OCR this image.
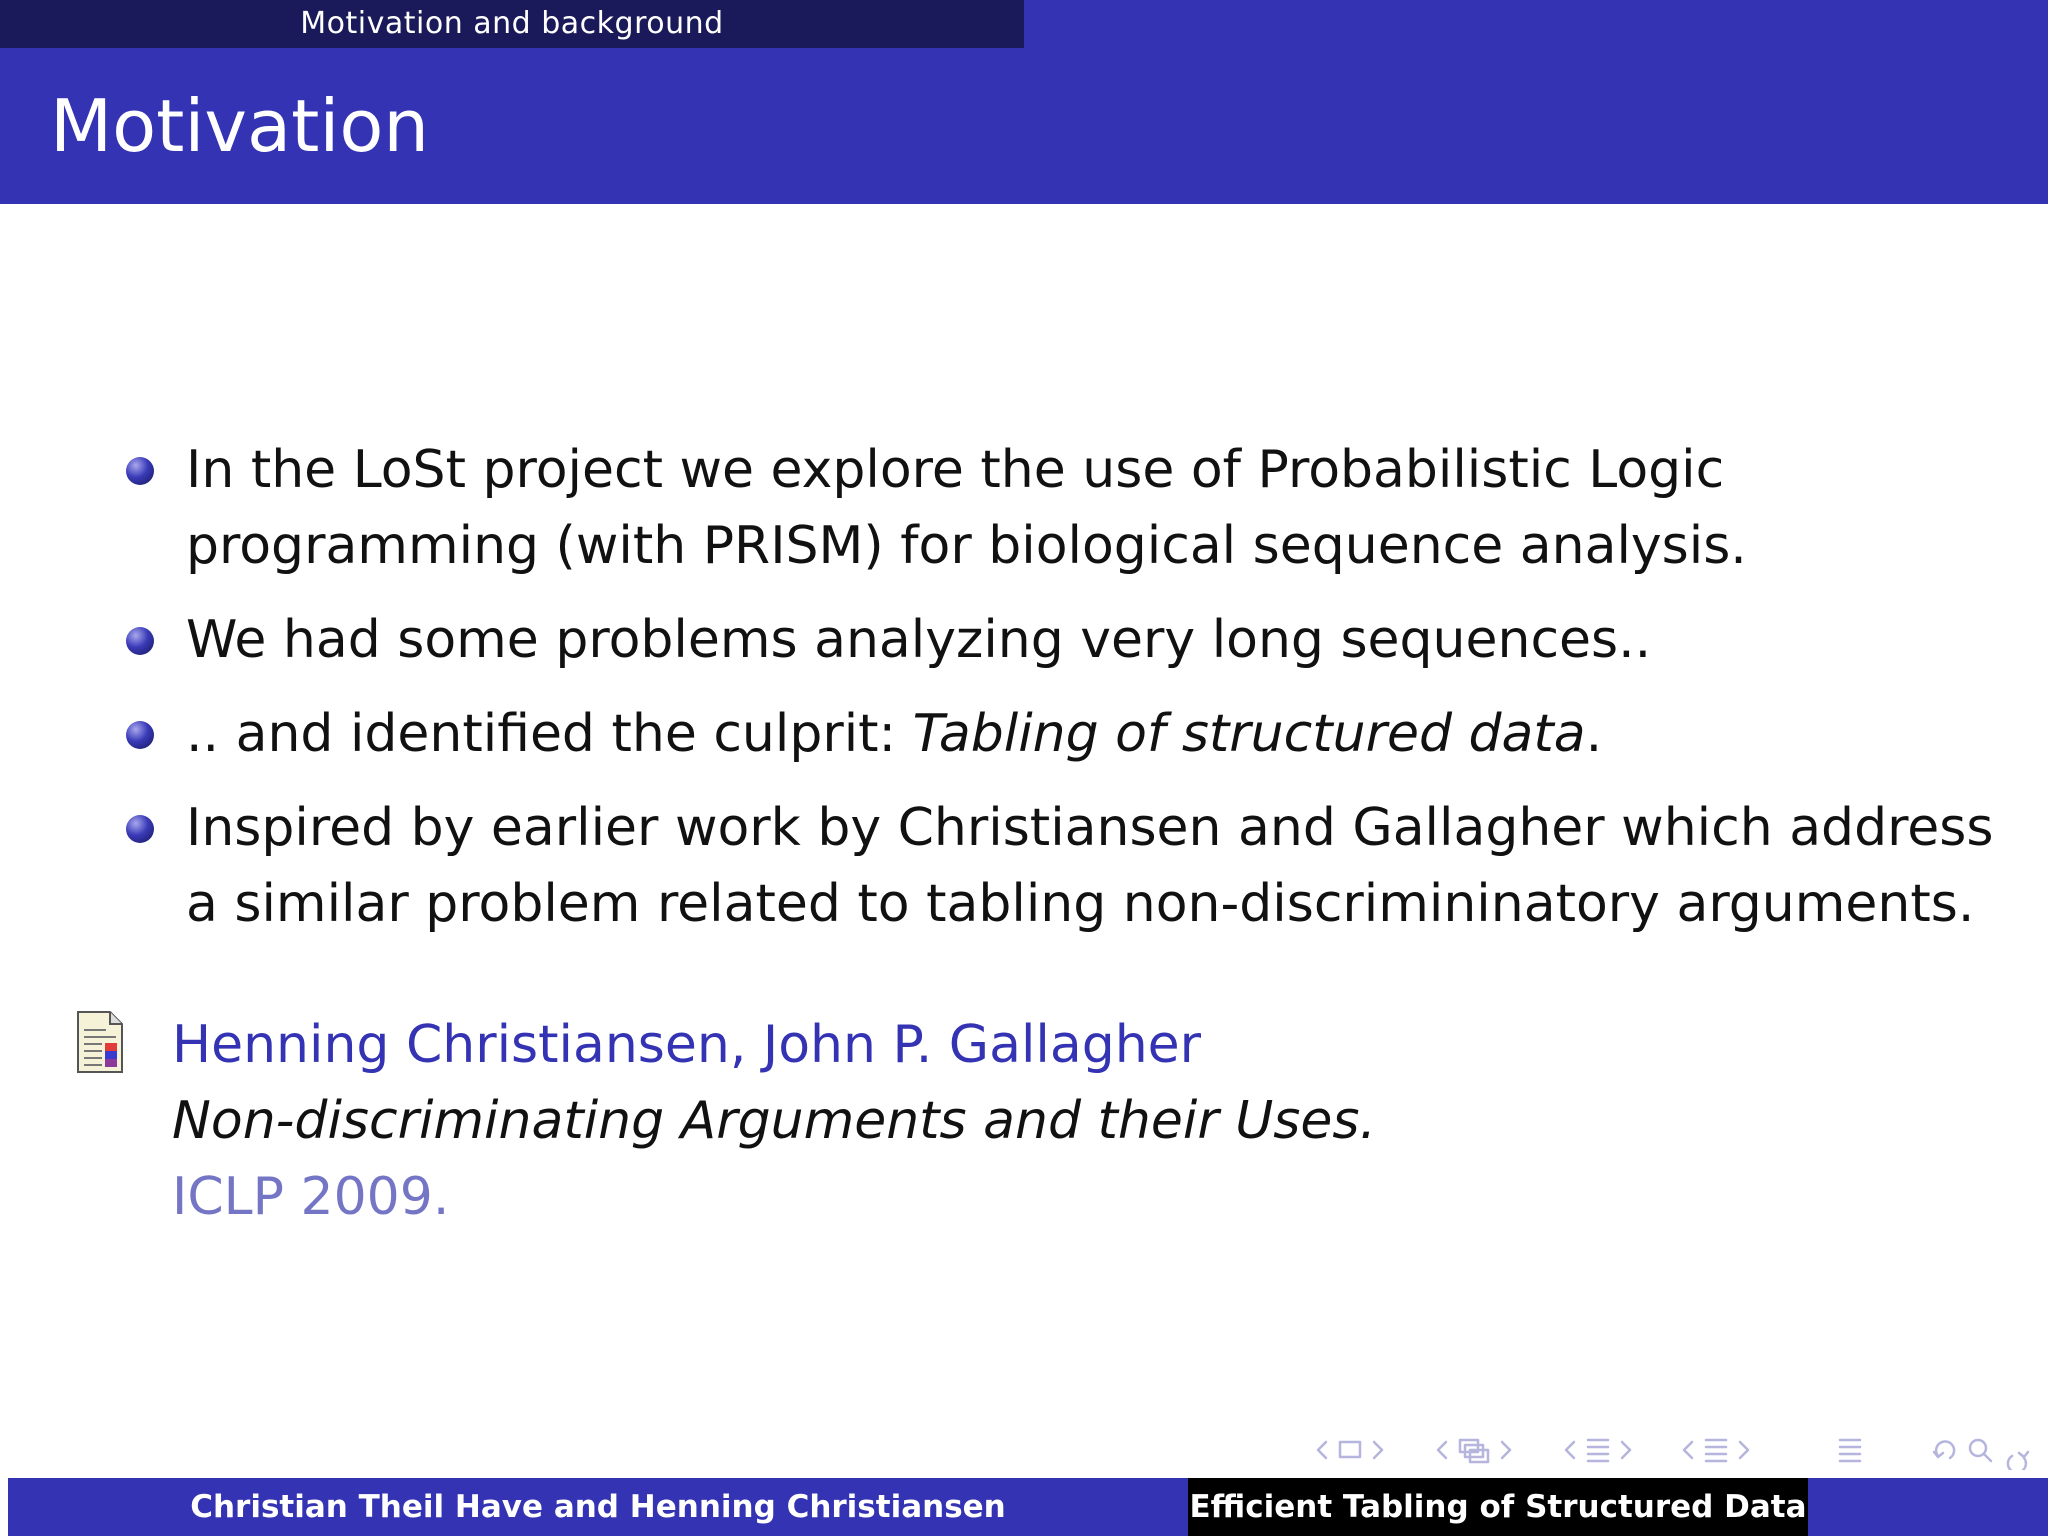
Motivation and background
Motivation
In the LoSt project we explore the use of Probabilistic Logic programming (with PRISM) for biological sequence analysis.
We had some problems analyzing very long sequences..
.. and identified the culprit: Tabling of structured data.
Inspired by earlier work by Christiansen and Gallagher which address a similar problem related to tabling non-discrimininatory arguments.
Henning Christiansen, John P. Gallagher
Non-discriminating Arguments and their Uses.
ICLP 2009.
Christian Theil Have and Henning Christiansen	Efficient Tabling of Structured Data
